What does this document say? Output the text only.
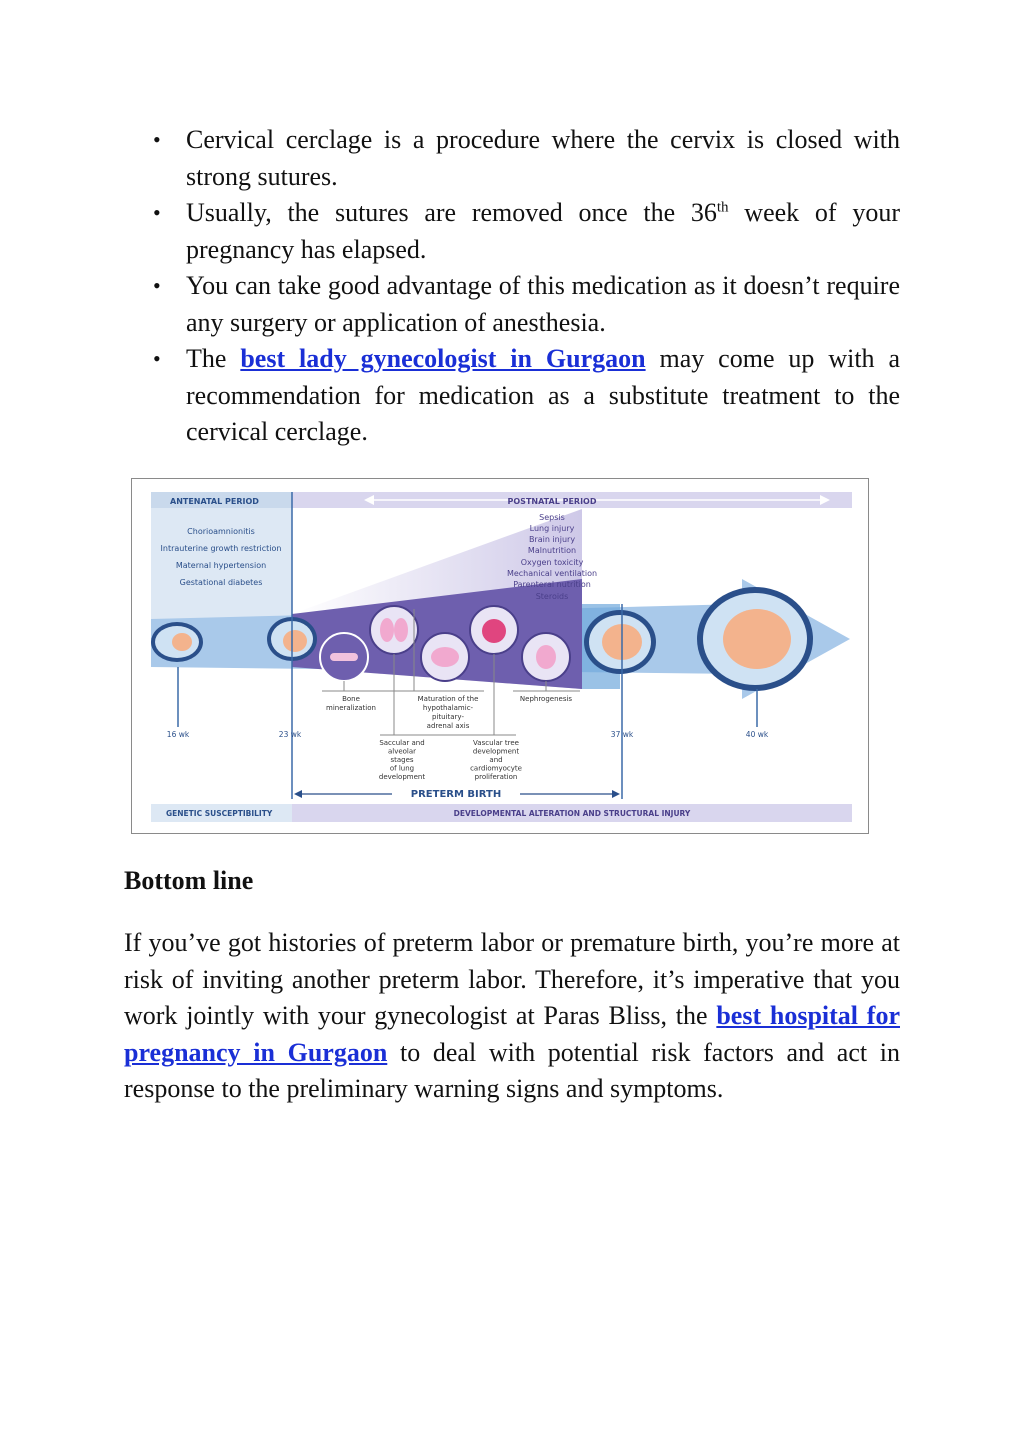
• Cervical cerclage is a procedure where the cervix is closed with strong sutures.
• Usually, the sutures are removed once the 36th week of your pregnancy has elapsed.
• You can take good advantage of this medication as it doesn’t require any surgery or application of anesthesia.
• The best lady gynecologist in Gurgaon may come up with a recommendation for medication as a substitute treatment to the cervical cerclage.
ANTENATAL PERIOD	POSTNATAL PERIOD
Chorioamnionitis
Intrauterine growth restriction
Maternal hypertension
Gestational diabetes
Sepsis
Lung injury
Brain injury
Malnutrition
Oxygen toxicity
Mechanical ventilation
Parenteral nutrition
Steroids
16 wk	23 wk	37 wk	40 wk
Bone mineralization
Maturation of the hypothalamic-pituitary-adrenal axis
Nephrogenesis
Saccular and alveolar stages of lung development
Vascular tree development and cardiomyocyte proliferation
PRETERM BIRTH
GENETIC SUSCEPTIBILITY	DEVELOPMENTAL ALTERATION AND STRUCTURAL INJURY
Bottom line

If you’ve got histories of preterm labor or premature birth, you’re more at risk of inviting another preterm labor. Therefore, it’s imperative that you work jointly with your gynecologist at Paras Bliss, the best hospital for pregnancy in Gurgaon to deal with potential risk factors and act in response to the preliminary warning signs and symptoms.
